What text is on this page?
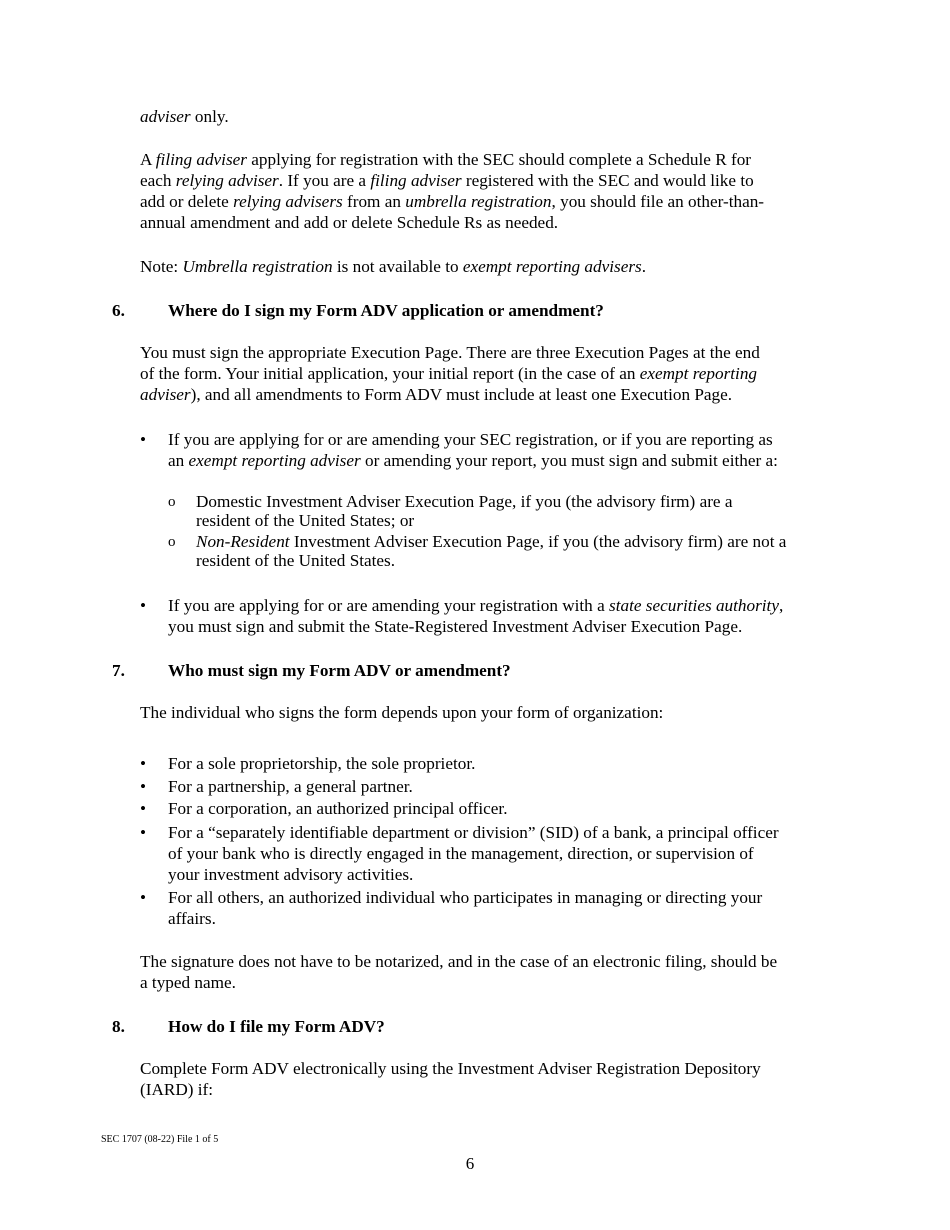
adviser only.
A filing adviser applying for registration with the SEC should complete a Schedule R for
each relying adviser. If you are a filing adviser registered with the SEC and would like to
add or delete relying advisers from an umbrella registration, you should file an other-than-
annual amendment and add or delete Schedule Rs as needed.
Note: Umbrella registration is not available to exempt reporting advisers.
6.	Where do I sign my Form ADV application or amendment?
You must sign the appropriate Execution Page. There are three Execution Pages at the end
of the form. Your initial application, your initial report (in the case of an exempt reporting
adviser), and all amendments to Form ADV must include at least one Execution Page.
•	If you are applying for or are amending your SEC registration, or if you are reporting as
an exempt reporting adviser or amending your report, you must sign and submit either a:
o Domestic Investment Adviser Execution Page, if you (the advisory firm) are a
resident of the United States; or
o Non-Resident Investment Adviser Execution Page, if you (the advisory firm) are not a
resident of the United States.
•	If you are applying for or are amending your registration with a state securities authority,
you must sign and submit the State-Registered Investment Adviser Execution Page.
7.	Who must sign my Form ADV or amendment?
The individual who signs the form depends upon your form of organization:
•	For a sole proprietorship, the sole proprietor.
•	For a partnership, a general partner.
•	For a corporation, an authorized principal officer.
•	For a “separately identifiable department or division” (SID) of a bank, a principal officer
of your bank who is directly engaged in the management, direction, or supervision of
your investment advisory activities.
•	For all others, an authorized individual who participates in managing or directing your
affairs.
The signature does not have to be notarized, and in the case of an electronic filing, should be
a typed name.
8.	How do I file my Form ADV?
Complete Form ADV electronically using the Investment Adviser Registration Depository
(IARD) if:
SEC 1707 (08-22) File 1 of 5
6
